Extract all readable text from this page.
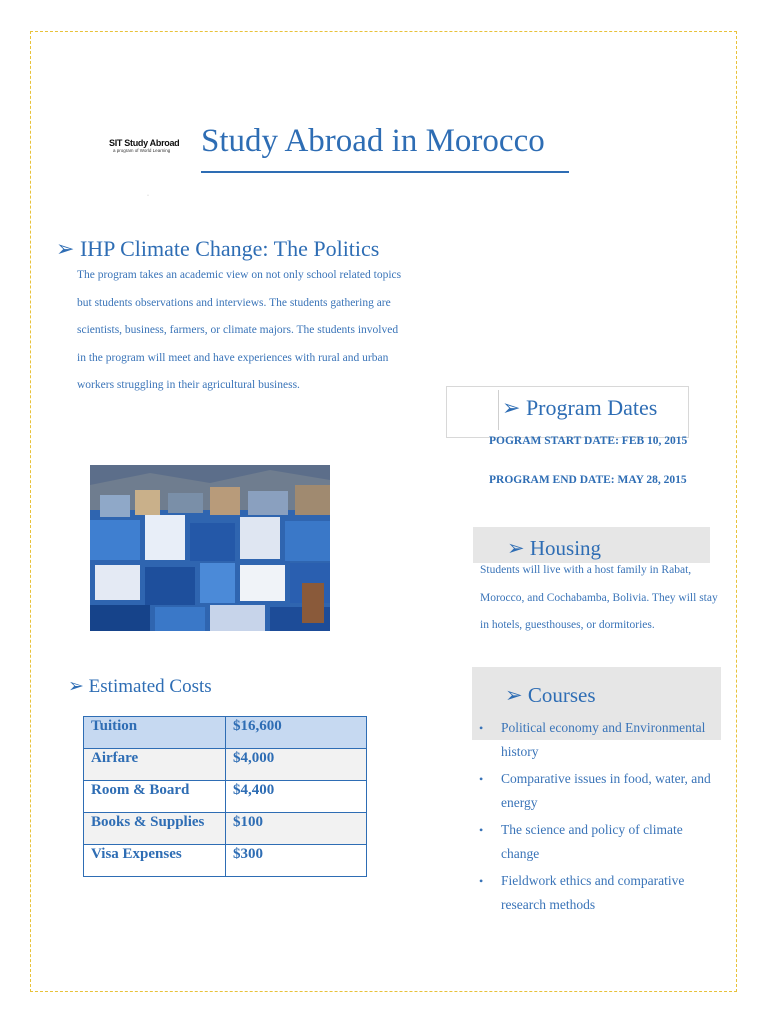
SIT Study Abroad
a program of World Learning Study Abroad in Morocco
·
➢ IHP Climate Change: The Politics
The program takes an academic view on not only school related topics but students observations and interviews. The students gathering are scientists, business, farmers, or climate majors. The students involved in the program will meet and have experiences with rural and urban workers struggling in their agricultural business.
➢ Estimated Costs
Tuition	$16,600
Airfare	$4,000
Room & Board	$4,400
Books & Supplies	$100
Visa Expenses	$300
➢ Program Dates
POGRAM START DATE: FEB 10, 2015
PROGRAM END DATE: MAY 28, 2015
➢ Housing
Students will live with a host family in Rabat, Morocco, and Cochabamba, Bolivia. They will stay in hotels, guesthouses, or dormitories.
➢ Courses
• Political economy and Environmental history
• Comparative issues in food, water, and energy
• The science and policy of climate change
• Fieldwork ethics and comparative research methods
